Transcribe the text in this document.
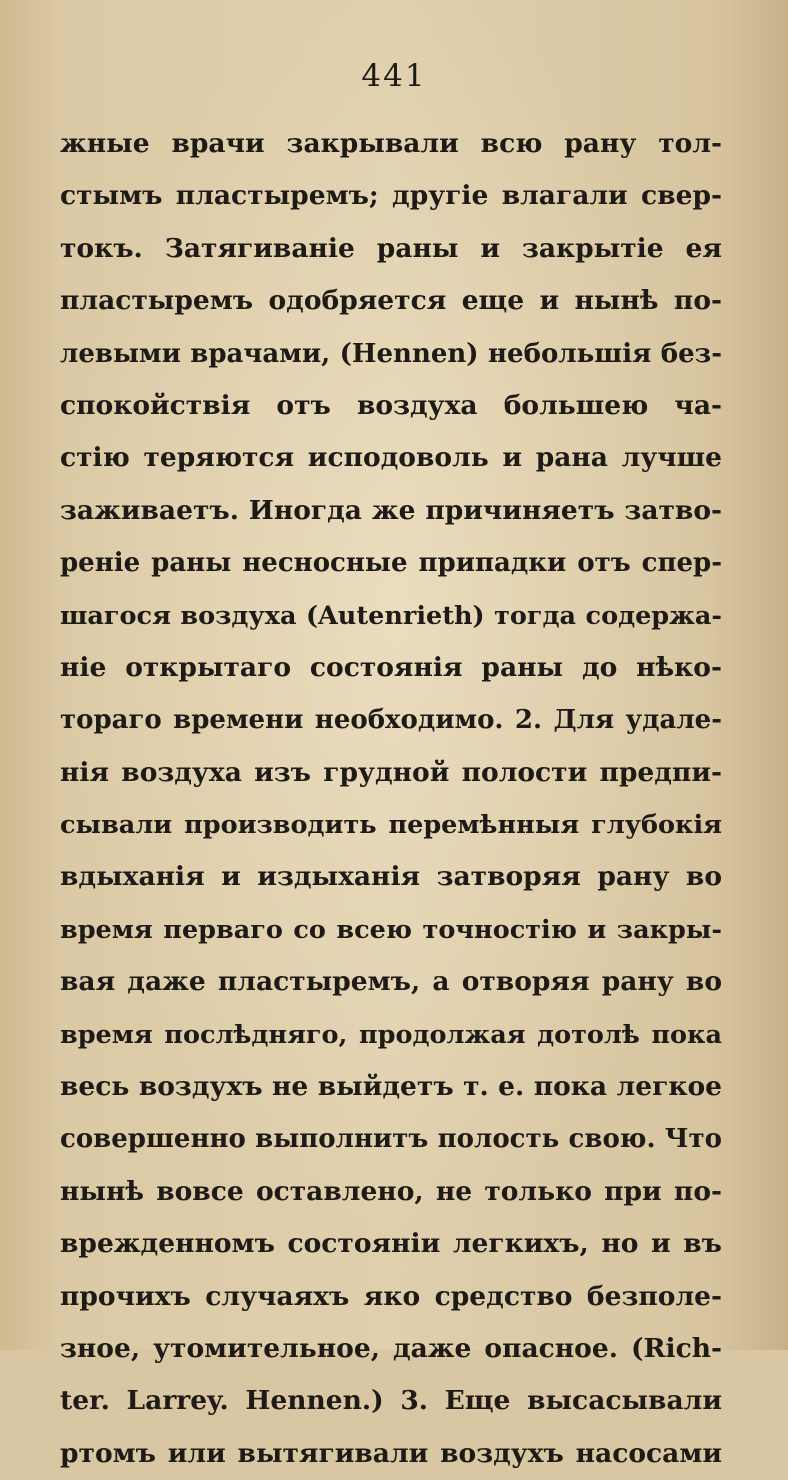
441
жные врачи закрывали всю рану тол-
стымъ пластыремъ; другіе влагали свер-
токъ. Затягиваніе раны и закрытіе ея
пластыремъ одобряется еще и нынѣ по-
левыми врачами, (Hennen) небольшія без-
спокойствія отъ воздуха большею ча-
стію теряются исподоволь и рана лучше
заживаетъ. Иногда же причиняетъ затво-
реніе раны несносные припадки отъ спер-
шагося воздуха (Autenrieth) тогда содержа-
ніе открытаго состоянія раны до нѣко-
тораго времени необходимо. 2. Для удале-
нія воздуха изъ грудной полости предпи-
сывали производить перемѣнныя глубокія
вдыханія и издыханія затворяя рану во
время перваго со всею точностію и закры-
вая даже пластыремъ, а отворяя рану во
время послѣдняго, продолжая дотолѣ пока
весь воздухъ не выйдетъ т. е. пока легкое
совершенно выполнитъ полость свою. Что
нынѣ вовсе оставлено, не только при по-
врежденномъ состояніи легкихъ, но и въ
прочихъ случаяхъ яко средство безполе-
зное, утомительное, даже опасное. (Rich-
ter. Larrey. Hennen.) 3. Еще высасывали
ртомъ или вытягивали воздухъ насосами
